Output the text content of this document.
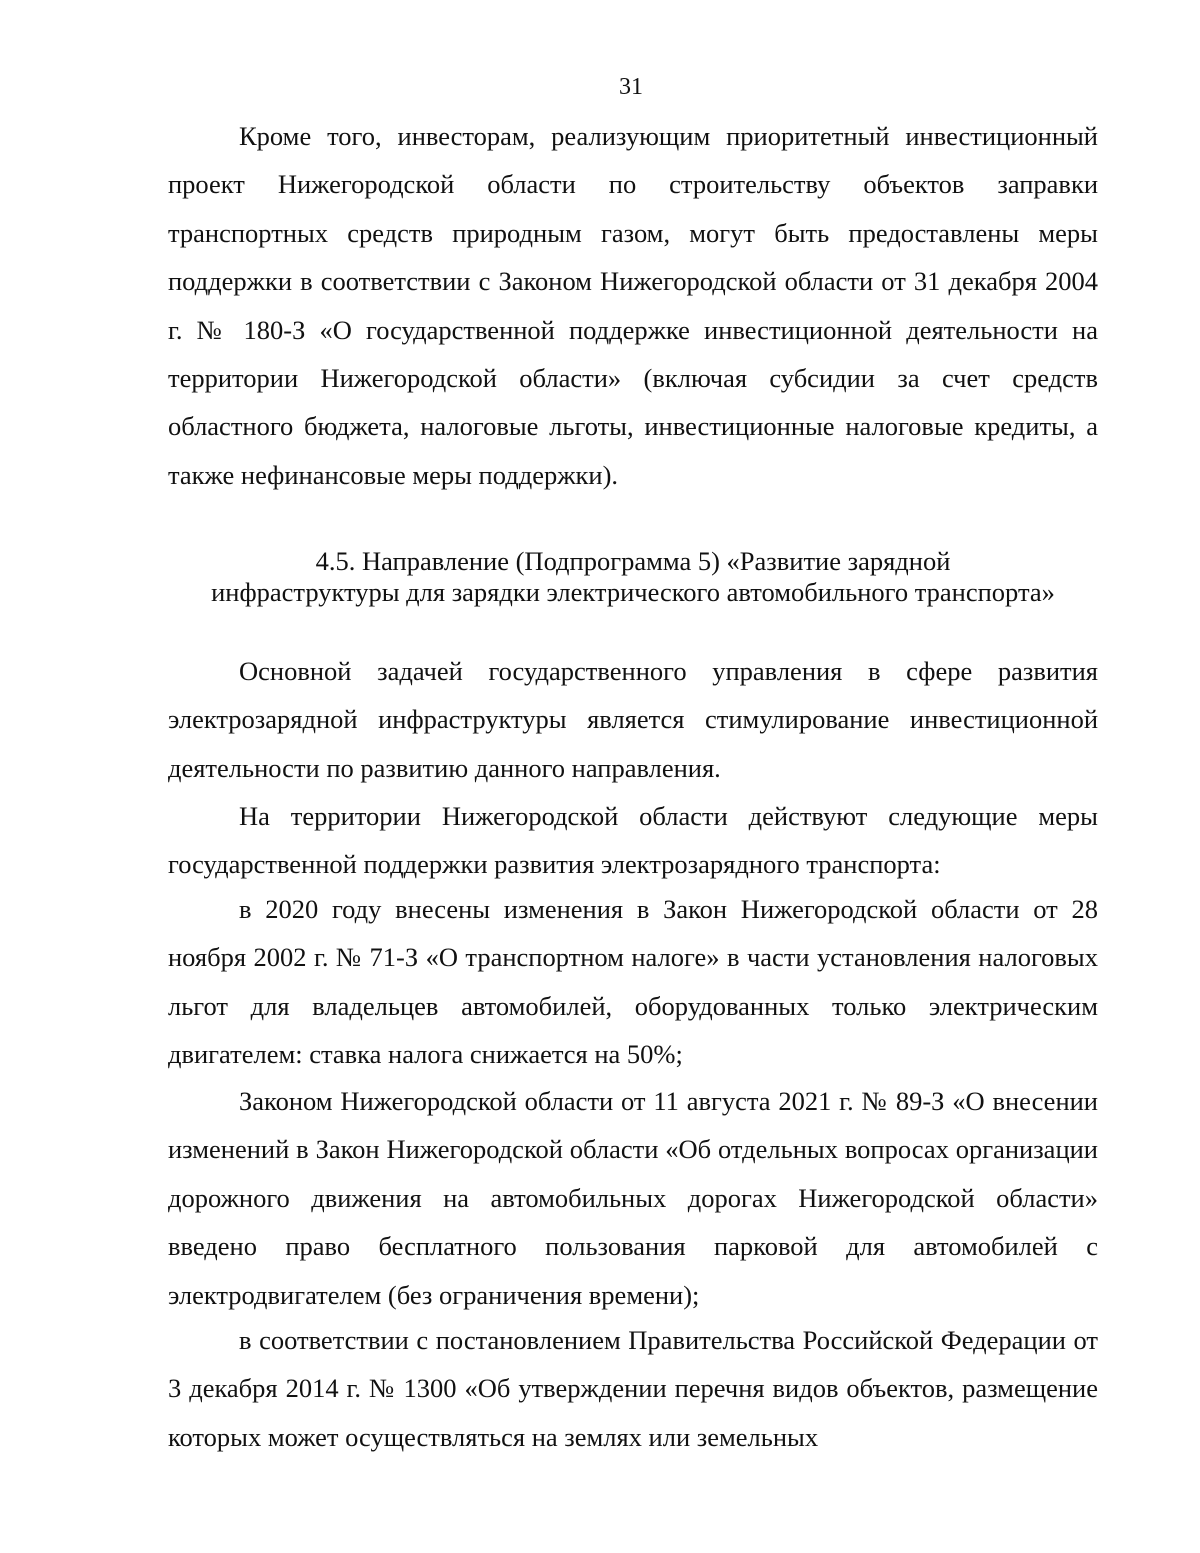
31

Кроме того, инвесторам, реализующим приоритетный инвестиционный проект Нижегородской области по строительству объектов заправки транспортных средств природным газом, могут быть предоставлены меры поддержки в соответствии с Законом Нижегородской области от 31 декабря 2004 г. № 180-З «О государственной поддержке инвестиционной деятельности на территории Нижегородской области» (включая субсидии за счет средств областного бюджета, налоговые льготы, инвестиционные налоговые кредиты, а также нефинансовые меры поддержки).

4.5. Направление (Подпрограмма 5) «Развитие зарядной
инфраструктуры для зарядки электрического автомобильного транспорта»

Основной задачей государственного управления в сфере развития электрозарядной инфраструктуры является стимулирование инвестиционной деятельности по развитию данного направления.

На территории Нижегородской области действуют следующие меры государственной поддержки развития электрозарядного транспорта:

в 2020 году внесены изменения в Закон Нижегородской области от 28 ноября 2002 г. № 71-З «О транспортном налоге» в части установления налоговых льгот для владельцев автомобилей, оборудованных только электрическим двигателем: ставка налога снижается на 50%;

Законом Нижегородской области от 11 августа 2021 г. № 89-З «О внесении изменений в Закон Нижегородской области «Об отдельных вопросах организации дорожного движения на автомобильных дорогах Нижегородской области» введено право бесплатного пользования парковой для автомобилей с электродвигателем (без ограничения времени);

в соответствии с постановлением Правительства Российской Федерации от 3 декабря 2014 г. № 1300 «Об утверждении перечня видов объектов, размещение которых может осуществляться на землях или земельных
